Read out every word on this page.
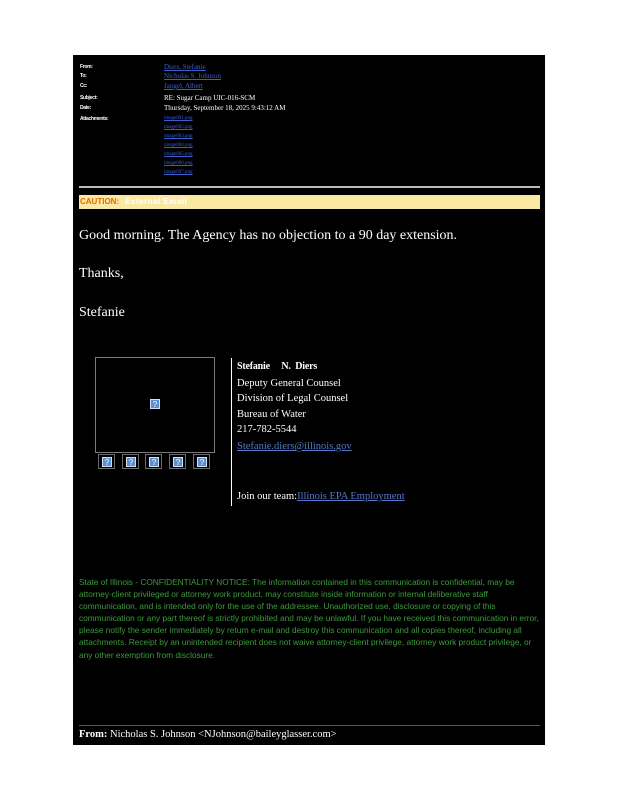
From:	Diers, Stefanie
To:	Nicholas S. Johnson
Cc:	Jangel, Albert
Subject:	RE: Sugar Camp UIC-016-SCM
Date:	Thursday, September 18, 2025 9:43:12 AM
Attachments:	image001.png
image002.png
image003.png
image004.png
image005.png
image006.png
image007.png
CAUTION: External Email
Good morning. The Agency has no objection to a 90 day extension.
Thanks,
Stefanie
?
?	?	?	?	?
Stefanie     N.  Diers
Deputy General Counsel
Division of Legal Counsel
Bureau of Water
217-782-5544
Stefanie.diers@illinois.gov
Join our team:Illinois EPA Employment
State of Illinois - CONFIDENTIALITY NOTICE: The information contained in this communication is confidential, may be attorney-client privileged or attorney work product, may constitute inside information or internal deliberative staff communication, and is intended only for the use of the addressee. Unauthorized use, disclosure or copying of this communication or any part thereof is strictly prohibited and may be unlawful. If you have received this communication in error, please notify the sender immediately by return e-mail and destroy this communication and all copies thereof, including all attachments. Receipt by an unintended recipient does not waive attorney-client privilege, attorney work product privilege, or any other exemption from disclosure.
From: Nicholas S. Johnson <NJohnson@baileyglasser.com>
